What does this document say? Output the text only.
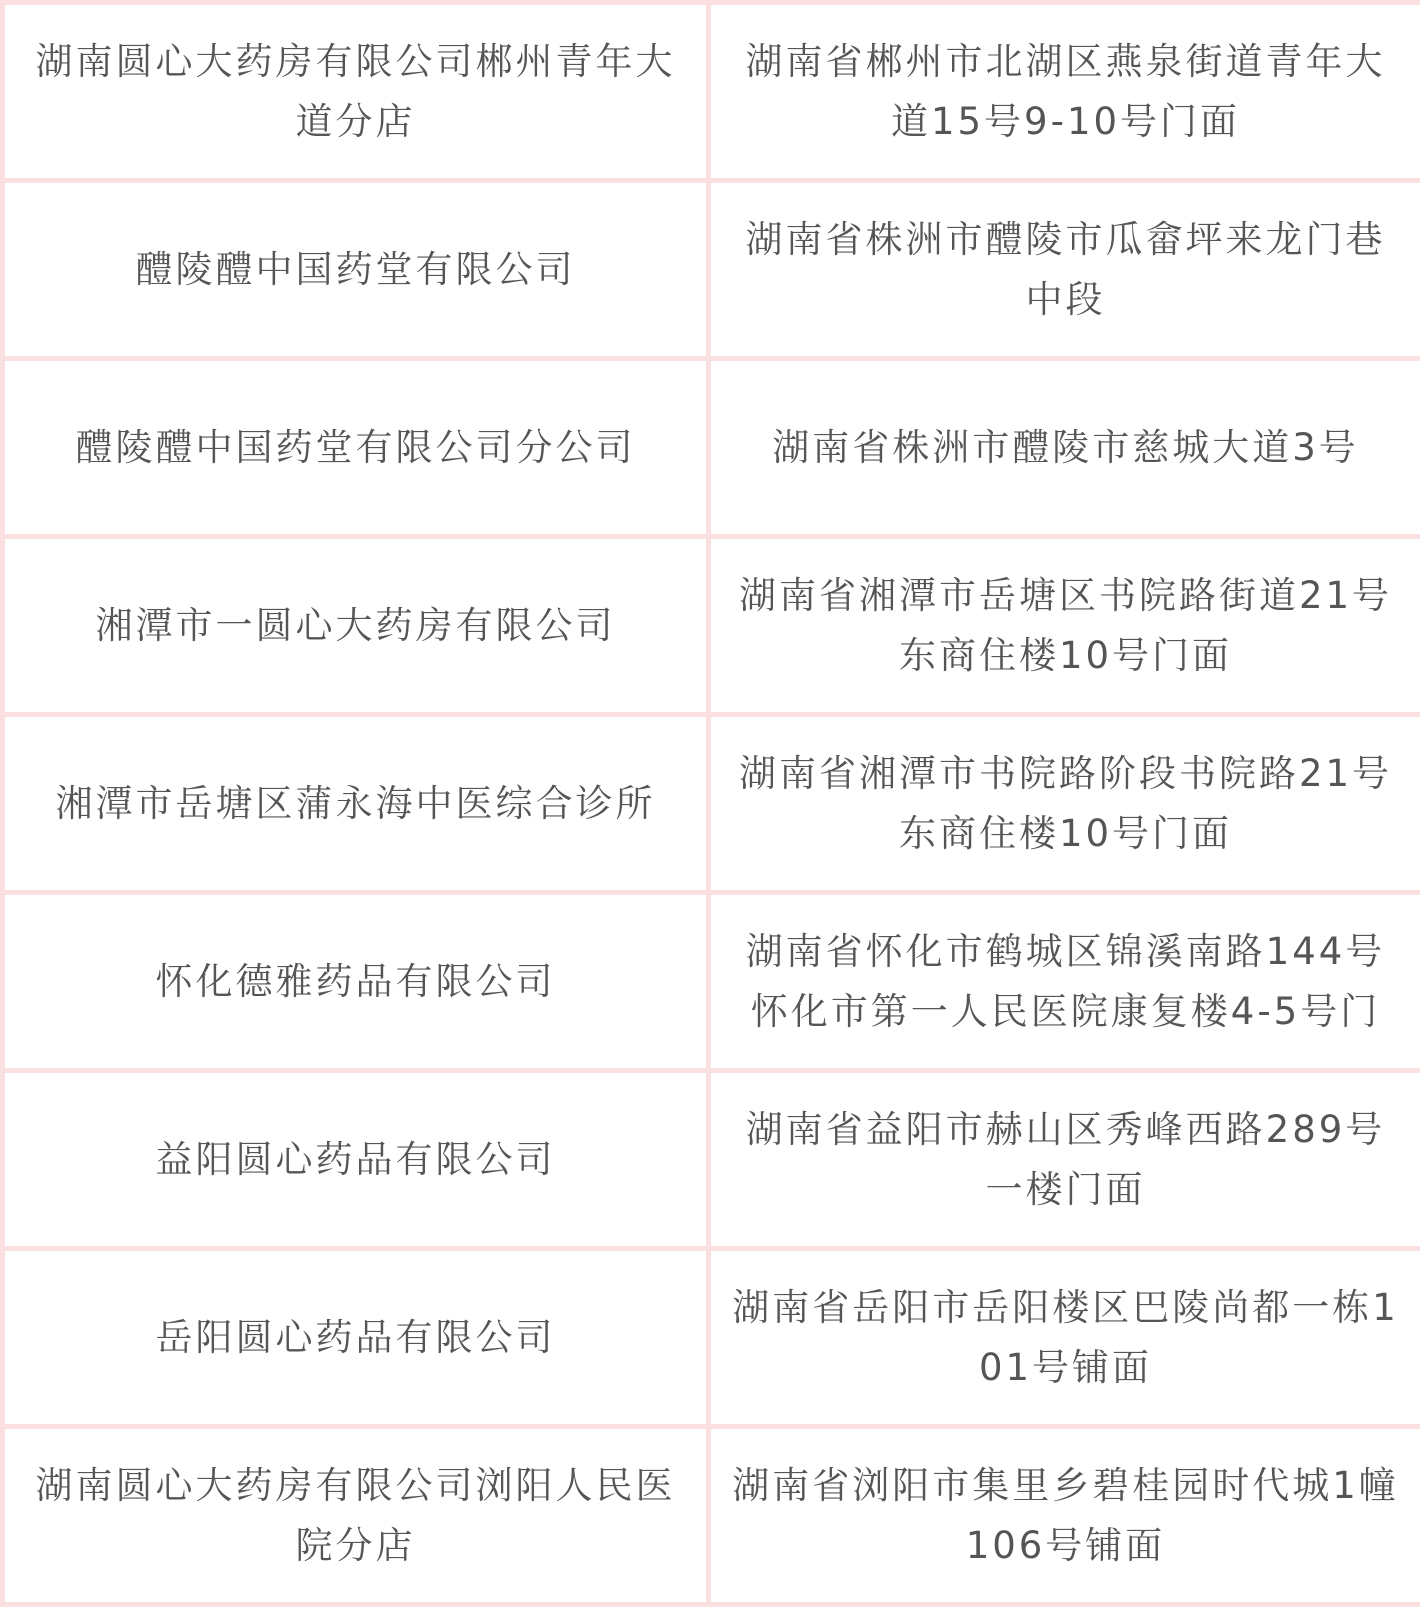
湖南圆心大药房有限公司郴州青年大道分店	湖南省郴州市北湖区燕泉街道青年大道15号9-10号门面
醴陵醴中国药堂有限公司	湖南省株洲市醴陵市瓜畲坪来龙门巷中段
醴陵醴中国药堂有限公司分公司	湖南省株洲市醴陵市慈城大道3号
湘潭市一圆心大药房有限公司	湖南省湘潭市岳塘区书院路街道21号东商住楼10号门面
湘潭市岳塘区蒲永海中医综合诊所	湖南省湘潭市书院路阶段书院路21号东商住楼10号门面
怀化德雅药品有限公司	湖南省怀化市鹤城区锦溪南路144号怀化市第一人民医院康复楼4-5号门
益阳圆心药品有限公司	湖南省益阳市赫山区秀峰西路289号一楼门面
岳阳圆心药品有限公司	湖南省岳阳市岳阳楼区巴陵尚都一栋101号铺面
湖南圆心大药房有限公司浏阳人民医院分店	湖南省浏阳市集里乡碧桂园时代城1幢106号铺面
